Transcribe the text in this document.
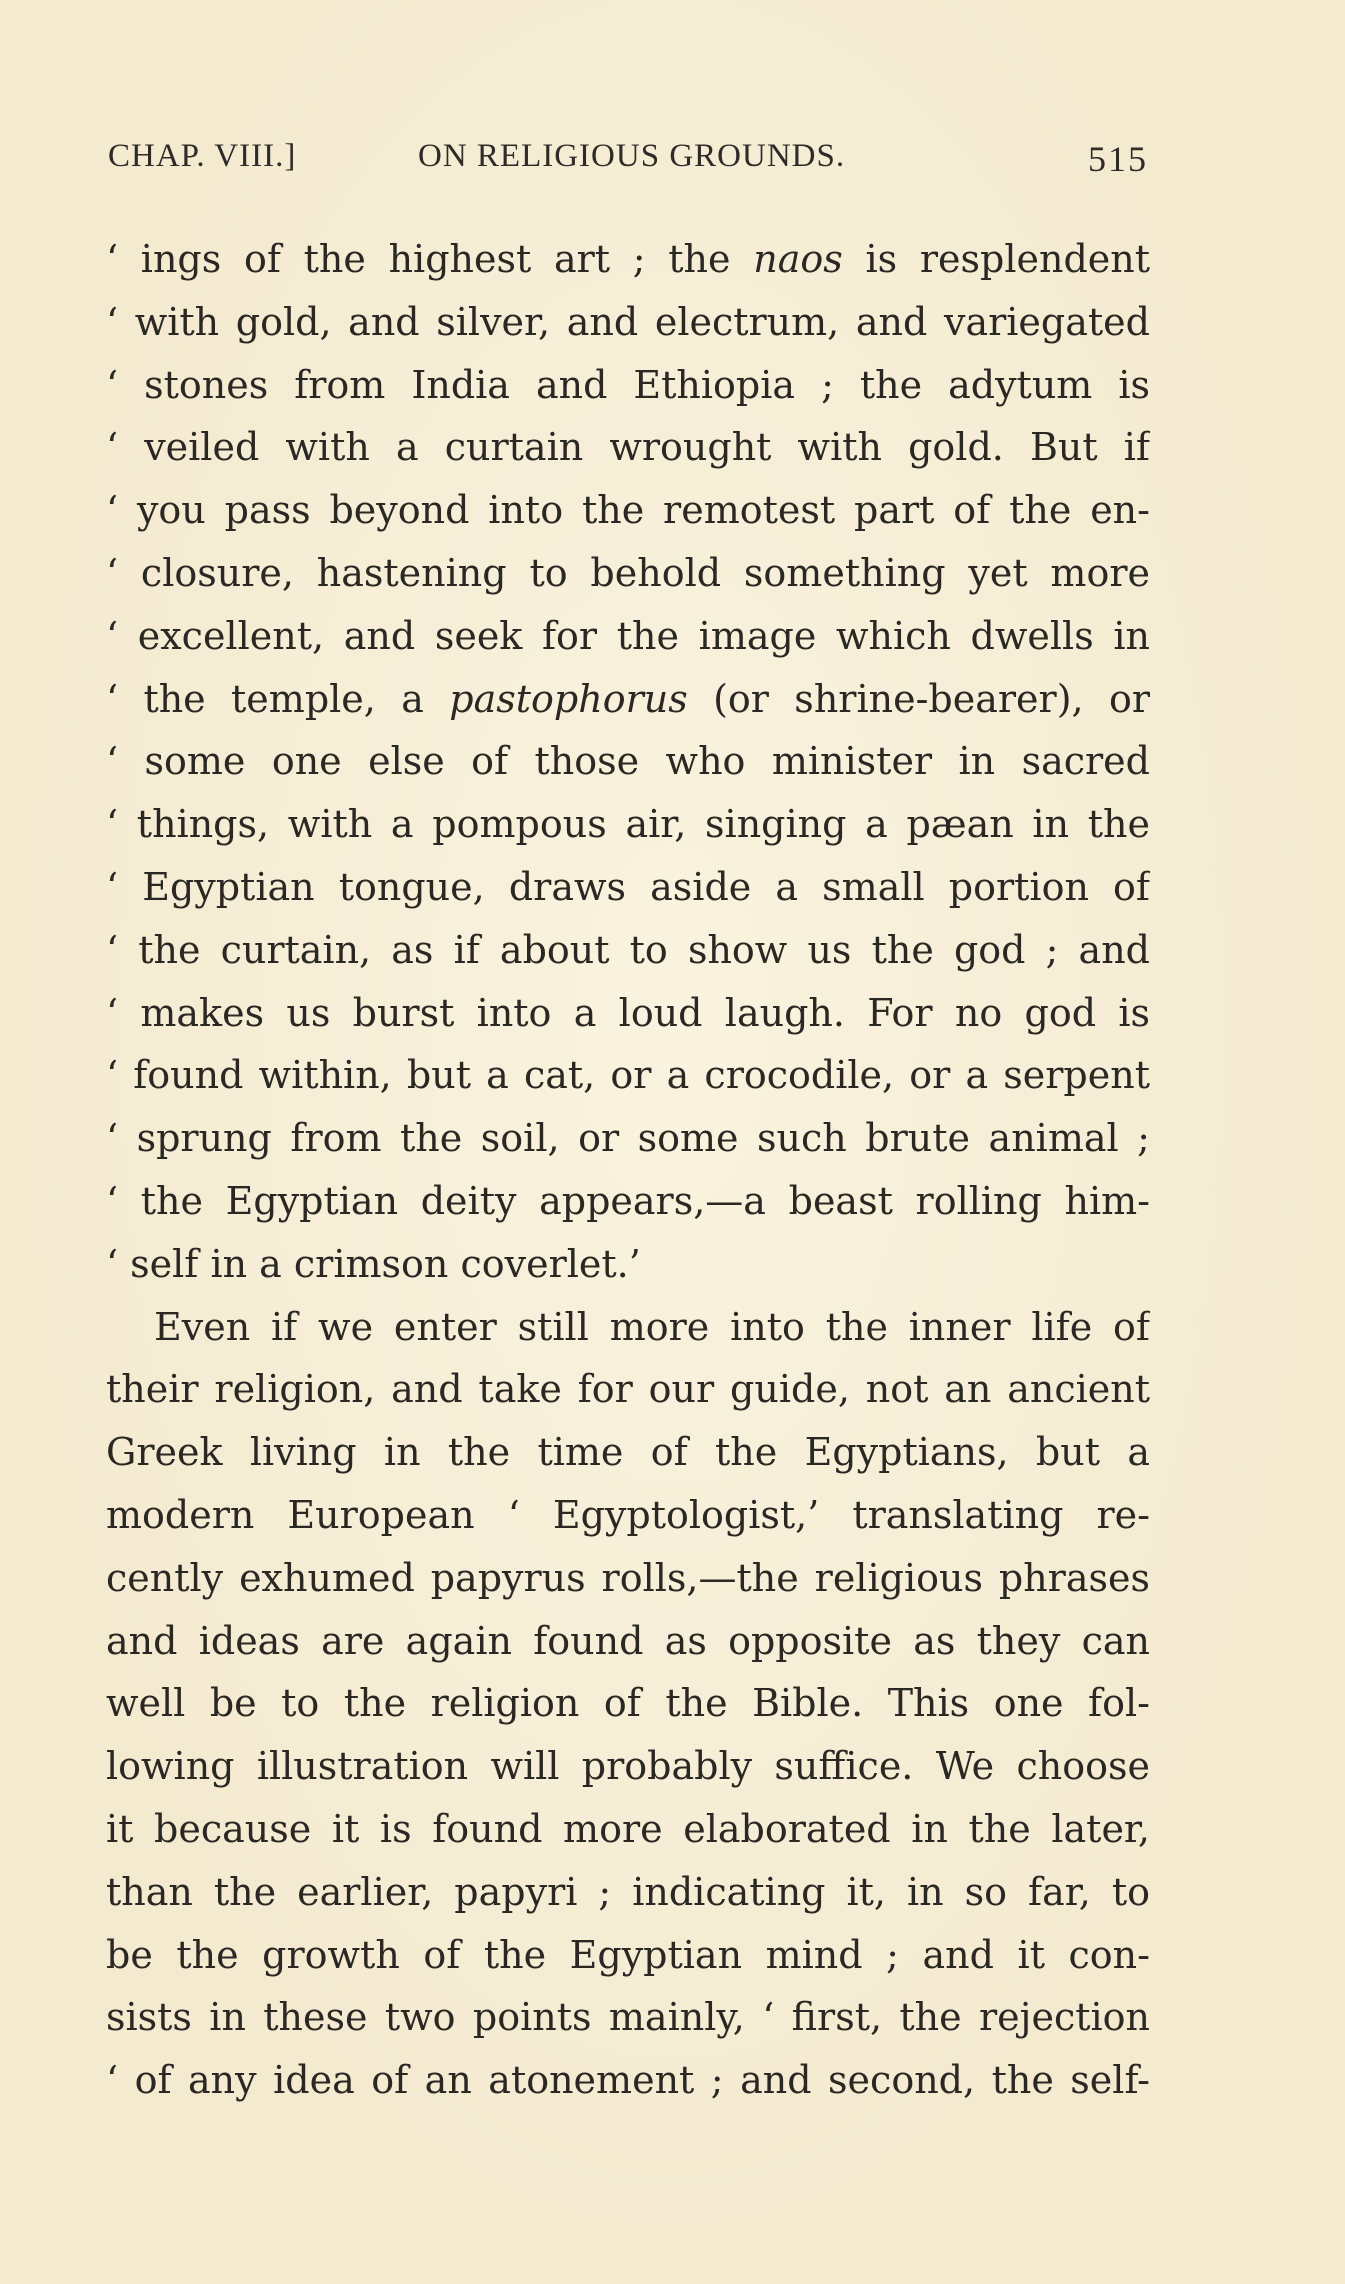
CHAP. VIII.]	ON RELIGIOUS GROUNDS.	515
‘ ings of the highest art ; the naos is resplendent
‘ with gold, and silver, and electrum, and variegated
‘ stones from India and Ethiopia ; the adytum is
‘ veiled with a curtain wrought with gold. But if
‘ you pass beyond into the remotest part of the en-
‘ closure, hastening to behold something yet more
‘ excellent, and seek for the image which dwells in
‘ the temple, a pastophorus (or shrine-bearer), or
‘ some one else of those who minister in sacred
‘ things, with a pompous air, singing a pæan in the
‘ Egyptian tongue, draws aside a small portion of
‘ the curtain, as if about to show us the god ; and
‘ makes us burst into a loud laugh. For no god is
‘ found within, but a cat, or a crocodile, or a serpent
‘ sprung from the soil, or some such brute animal ;
‘ the Egyptian deity appears,—a beast rolling him-
‘ self in a crimson coverlet.’
Even if we enter still more into the inner life of
their religion, and take for our guide, not an ancient
Greek living in the time of the Egyptians, but a
modern European ‘ Egyptologist,’ translating re-
cently exhumed papyrus rolls,—the religious phrases
and ideas are again found as opposite as they can
well be to the religion of the Bible. This one fol-
lowing illustration will probably suffice. We choose
it because it is found more elaborated in the later,
than the earlier, papyri ; indicating it, in so far, to
be the growth of the Egyptian mind ; and it con-
sists in these two points mainly, ‘ first, the rejection
‘ of any idea of an atonement ; and second, the self-
